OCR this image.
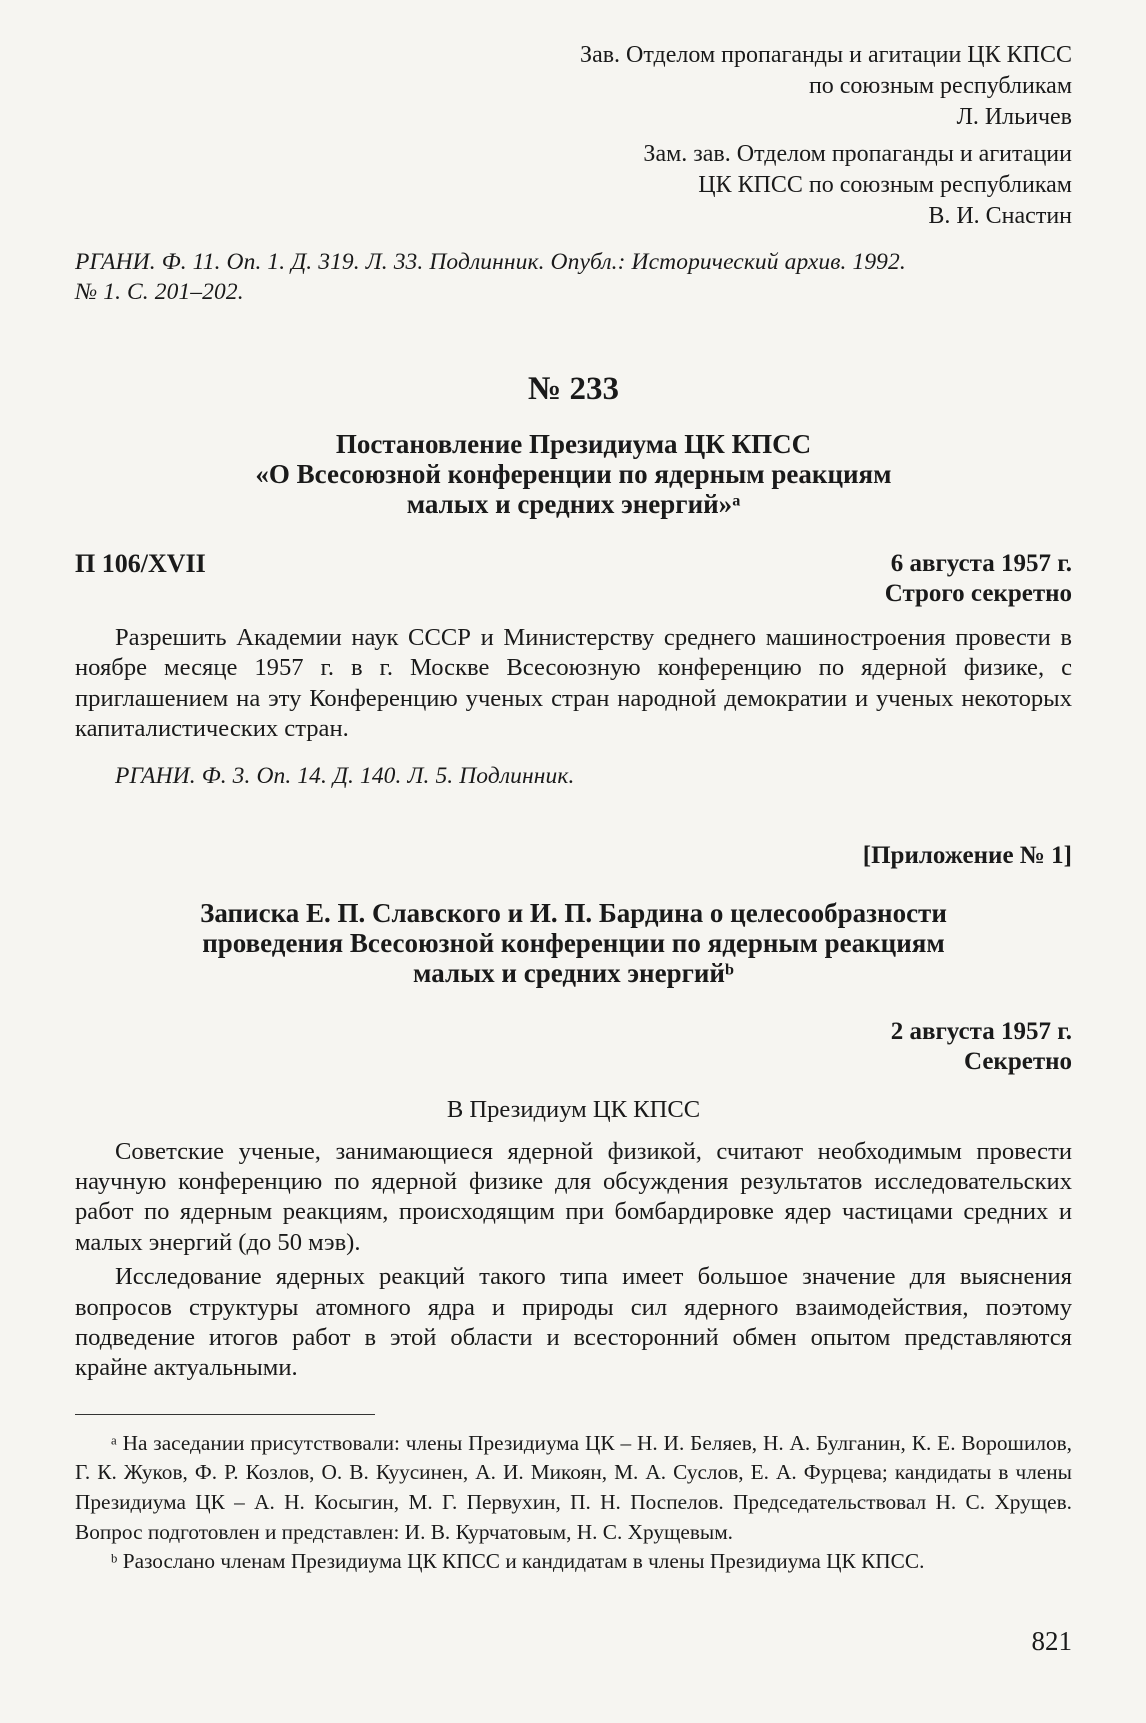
Зав. Отделом пропаганды и агитации ЦК КПСС
по союзным республикам
Л. Ильичев
Зам. зав. Отделом пропаганды и агитации
ЦК КПСС по союзным республикам
В. И. Снастин
РГАНИ. Ф. 11. Оп. 1. Д. 319. Л. 33. Подлинник. Опубл.: Исторический архив. 1992.
№ 1. С. 201–202.
№ 233
Постановление Президиума ЦК КПСС
«О Всесоюзной конференции по ядерным реакциям
малых и средних энергий»$^а$
П 106/XVII	6 августа 1957 г.
Строго секретно

Разрешить Академии наук СССР и Министерству среднего машиностроения провести в ноябре месяце 1957 г. в г. Москве Всесоюзную конференцию по ядерной физике, с приглашением на эту Конференцию ученых стран народной демократии и ученых некоторых капиталистических стран.

РГАНИ. Ф. 3. Оп. 14. Д. 140. Л. 5. Подлинник.
[Приложение № 1]
Записка Е. П. Славского и И. П. Бардина о целесообразности
проведения Всесоюзной конференции по ядерным реакциям
малых и средних энергий$^b$
2 августа 1957 г.
Секретно
В Президиум ЦК КПСС

Советские ученые, занимающиеся ядерной физикой, считают необходимым провести научную конференцию по ядерной физике для обсуждения результатов исследовательских работ по ядерным реакциям, происходящим при бомбардировке ядер частицами средних и малых энергий (до 50 мэв).

Исследование ядерных реакций такого типа имеет большое значение для выяснения вопросов структуры атомного ядра и природы сил ядерного взаимодействия, поэтому подведение итогов работ в этой области и всесторонний обмен опытом представляются крайне актуальными.

$^a$ На заседании присутствовали: члены Президиума ЦК – Н. И. Беляев, Н. А. Булганин, К. Е. Ворошилов, Г. К. Жуков, Ф. Р. Козлов, О. В. Куусинен, А. И. Микоян, М. А. Суслов, Е. А. Фурцева; кандидаты в члены Президиума ЦК – А. Н. Косыгин, М. Г. Первухин, П. Н. Поспелов. Председательствовал Н. С. Хрущев. Вопрос подготовлен и представлен: И. В. Курчатовым, Н. С. Хрущевым.

$^b$ Разослано членам Президиума ЦК КПСС и кандидатам в члены Президиума ЦК КПСС.

821
